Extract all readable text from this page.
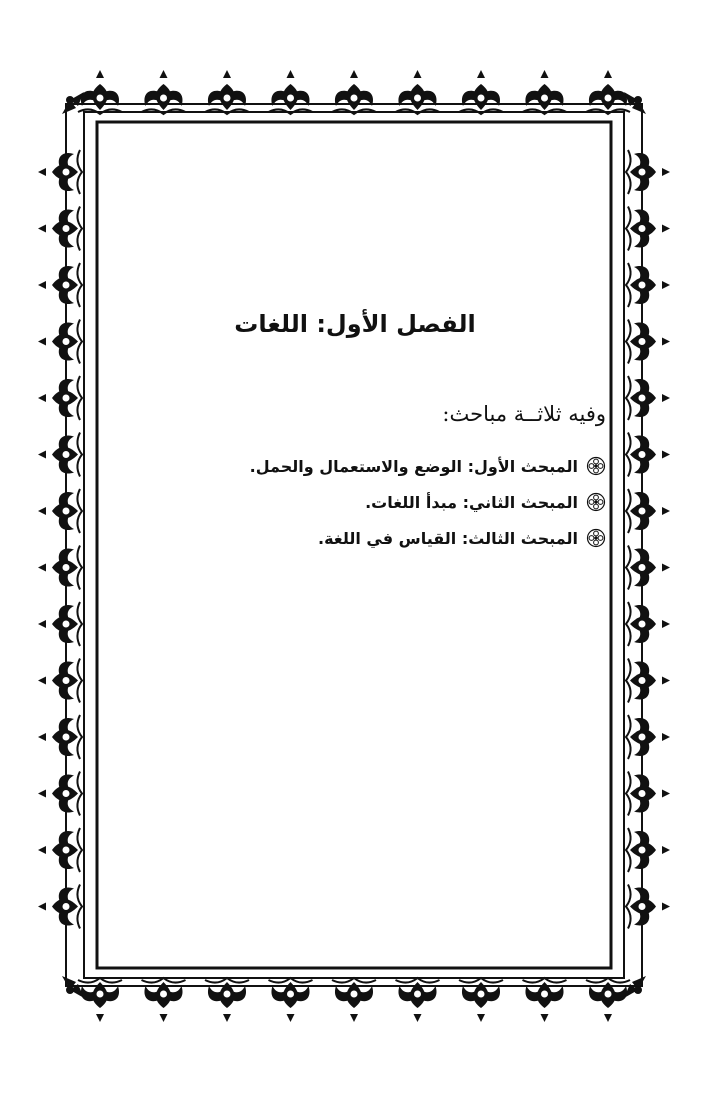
الفصل الأول: اللغات

وفيه ثلاثــة مباحث:

المبحث الأول: الوضع والاستعمال والحمل.
المبحث الثاني: مبدأ اللغات.
المبحث الثالث: القياس في اللغة.
